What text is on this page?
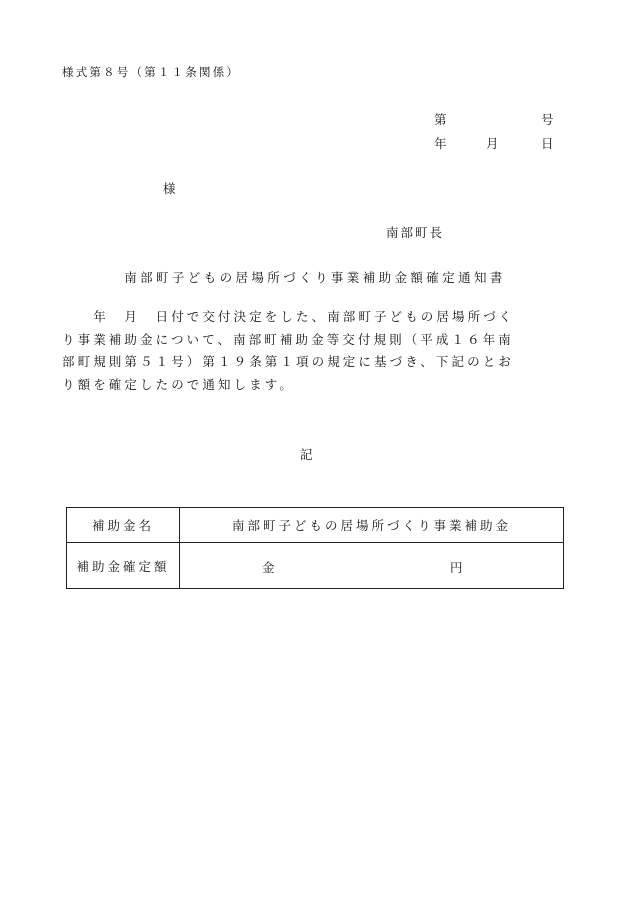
様式第８号（第１１条関係）
第	号
年	月	日
様
南部町長
南部町子どもの居場所づくり事業補助金額確定通知書
　　年　月　日付で交付決定をした、南部町子どもの居場所づく
り事業補助金について、南部町補助金等交付規則（平成１６年南
部町規則第５１号）第１９条第１項の規定に基づき、下記のとお
り額を確定したので通知します。
記
補助金名	南部町子どもの居場所づくり事業補助金
補助金確定額	金 円
